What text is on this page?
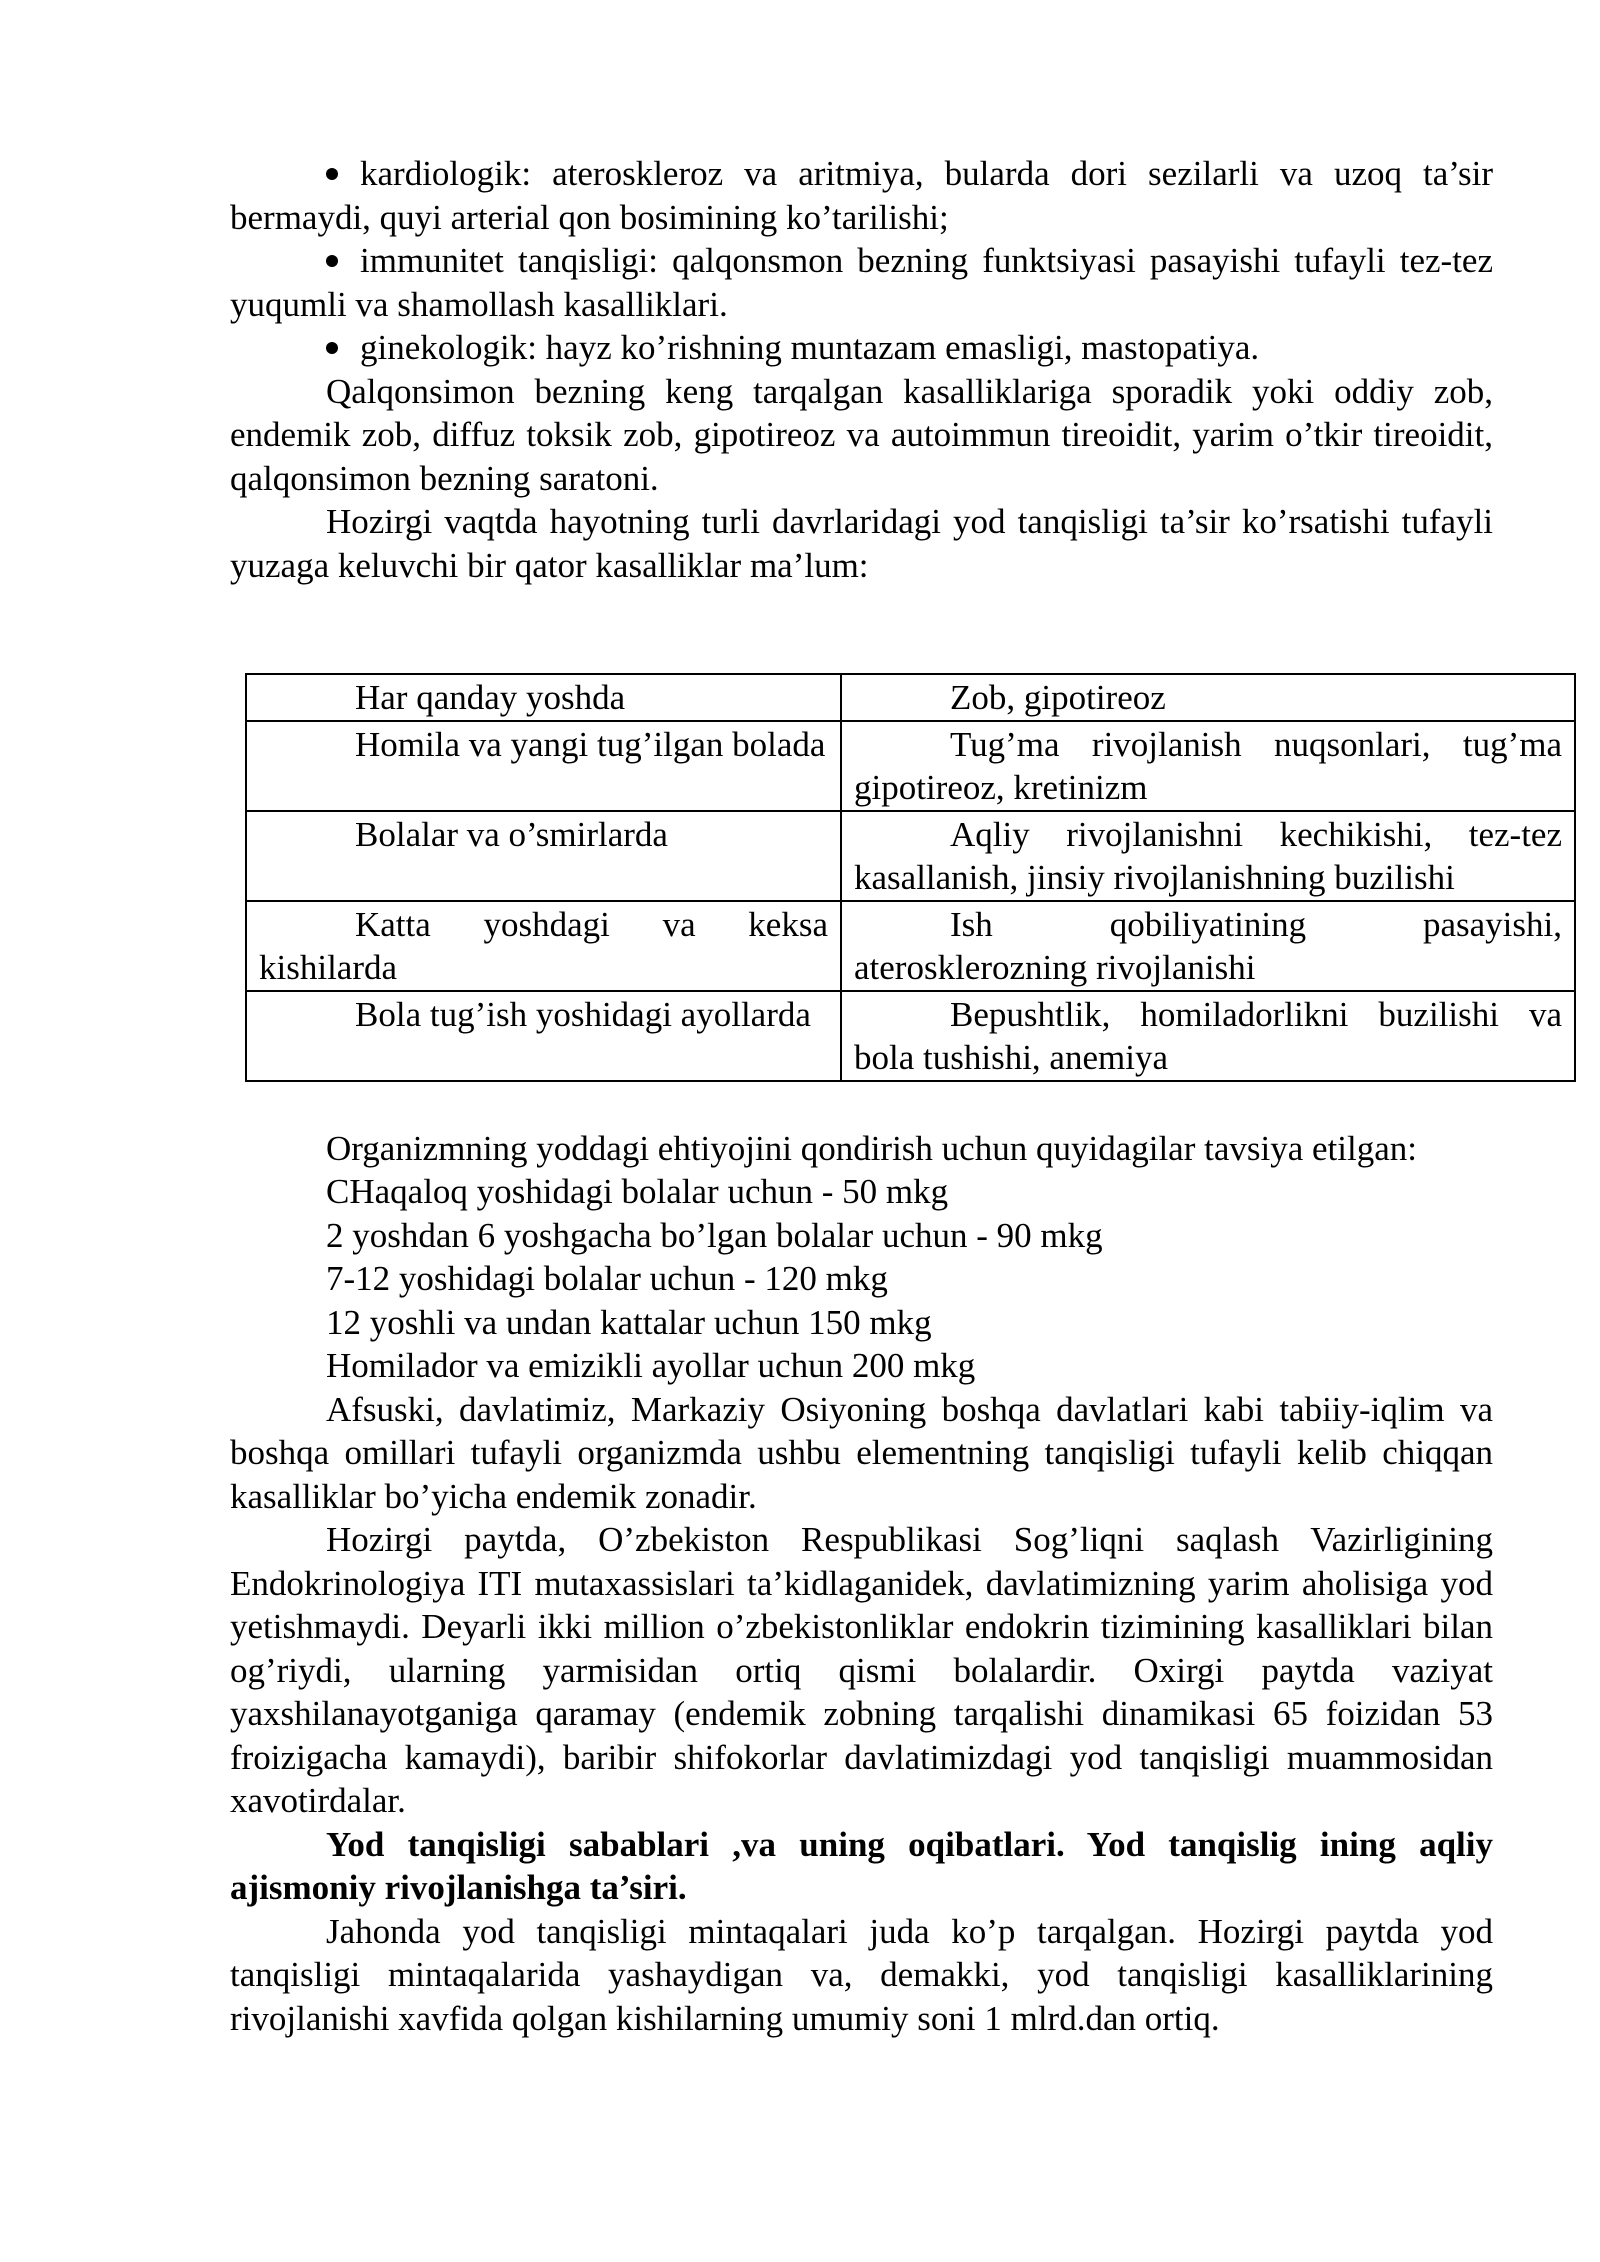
kardiologik: ateroskleroz va aritmiya, bularda dori sezilarli va uzoq ta’sir bermaydi, quyi arterial qon bosimining ko’tarilishi;

immunitet tanqisligi: qalqonsmon bezning funktsiyasi pasayishi tufayli tez-tez yuqumli va shamollash kasalliklari.

ginekologik: hayz ko’rishning muntazam emasligi, mastopatiya.

Qalqonsimon bezning keng tarqalgan kasalliklariga sporadik yoki oddiy zob, endemik zob, diffuz toksik zob, gipotireoz va autoimmun tireoidit, yarim o’tkir tireoidit, qalqonsimon bezning saratoni.

Hozirgi vaqtda hayotning turli davrlaridagi yod tanqisligi ta’sir ko’rsatishi tufayli yuzaga keluvchi bir qator kasalliklar ma’lum:

Har qanday yoshda	Zob, gipotireoz

Homila va yangi tug’ilgan bolada	Tug’ma rivojlanish nuqsonlari, tug’ma gipotireoz, kretinizm

Bolalar va o’smirlarda	Aqliy rivojlanishni kechikishi, tez-tez kasallanish, jinsiy rivojlanishning buzilishi

Katta yoshdagi va keksa kishilarda	Ish qobiliyatining pasayishi, aterosklerozning rivojlanishi

Bola tug’ish yoshidagi ayollarda	Bepushtlik, homiladorlikni buzilishi va bola tushishi, anemiya

Organizmning yoddagi ehtiyojini qondirish uchun quyidagilar tavsiya etilgan:

CHaqaloq yoshidagi bolalar uchun - 50 mkg

2 yoshdan 6 yoshgacha bo’lgan bolalar uchun - 90 mkg

7-12 yoshidagi bolalar uchun - 120 mkg

12 yoshli va undan kattalar uchun 150 mkg

Homilador va emizikli ayollar uchun 200 mkg

Afsuski, davlatimiz, Markaziy Osiyoning boshqa davlatlari kabi tabiiy-iqlim va boshqa omillari tufayli organizmda ushbu elementning tanqisligi tufayli kelib chiqqan kasalliklar bo’yicha endemik zonadir.

Hozirgi paytda, O’zbekiston Respublikasi Sog’liqni saqlash Vazirligining Endokrinologiya ITI mutaxassislari ta’kidlaganidek, davlatimizning yarim aholisiga yod yetishmaydi. Deyarli ikki million o’zbekistonliklar endokrin tizimining kasalliklari bilan og’riydi, ularning yarmisidan ortiq qismi bolalardir. Oxirgi paytda vaziyat yaxshilanayotganiga qaramay (endemik zobning tarqalishi dinamikasi 65 foizidan 53 froizigacha kamaydi), baribir shifokorlar davlatimizdagi yod tanqisligi muammosidan xavotirdalar.

Yod tanqisligi sabablari ,va uning oqibatlari. Yod tanqislig ining aqliy ajismoniy rivojlanishga ta’siri.

Jahonda yod tanqisligi mintaqalari juda ko’p tarqalgan. Hozirgi paytda yod tanqisligi mintaqalarida yashaydigan va, demakki, yod tanqisligi kasalliklarining rivojlanishi xavfida qolgan kishilarning umumiy soni 1 mlrd.dan ortiq.
